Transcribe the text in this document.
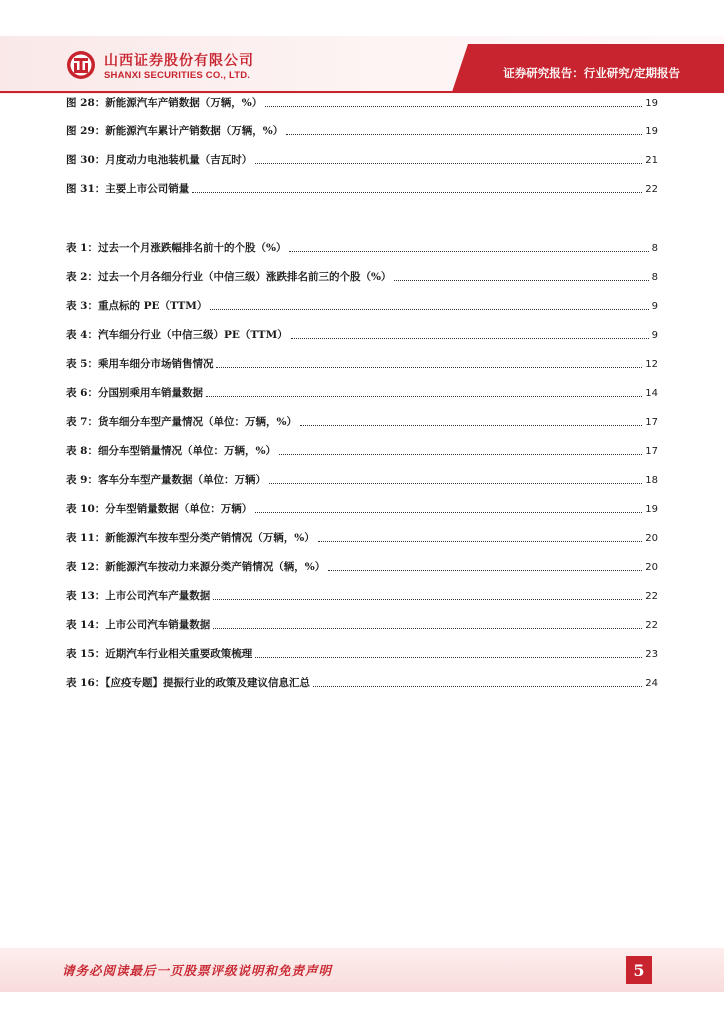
山西证券股份有限公司
SHANXI SECURITIES CO., LTD.	证券研究报告：行业研究/定期报告
图 28：新能源汽车产销数据（万辆，%）	19
图 29：新能源汽车累计产销数据（万辆，%）	19
图 30：月度动力电池装机量（吉瓦时）	21
图 31：主要上市公司销量	22
表 1：过去一个月涨跌幅排名前十的个股（%）	8
表 2：过去一个月各细分行业（中信三级）涨跌排名前三的个股（%）	8
表 3：重点标的 PE（TTM）	9
表 4：汽车细分行业（中信三级）PE（TTM）	9
表 5：乘用车细分市场销售情况	12
表 6：分国别乘用车销量数据	14
表 7：货车细分车型产量情况（单位：万辆，%）	17
表 8：细分车型销量情况（单位：万辆，%）	17
表 9：客车分车型产量数据（单位：万辆）	18
表 10：分车型销量数据（单位：万辆）	19
表 11：新能源汽车按车型分类产销情况（万辆，%）	20
表 12：新能源汽车按动力来源分类产销情况（辆，%）	20
表 13：上市公司汽车产量数据	22
表 14：上市公司汽车销量数据	22
表 15：近期汽车行业相关重要政策梳理	23
表 16：【应疫专题】提振行业的政策及建议信息汇总	24
请务必阅读最后一页股票评级说明和免责声明	5
